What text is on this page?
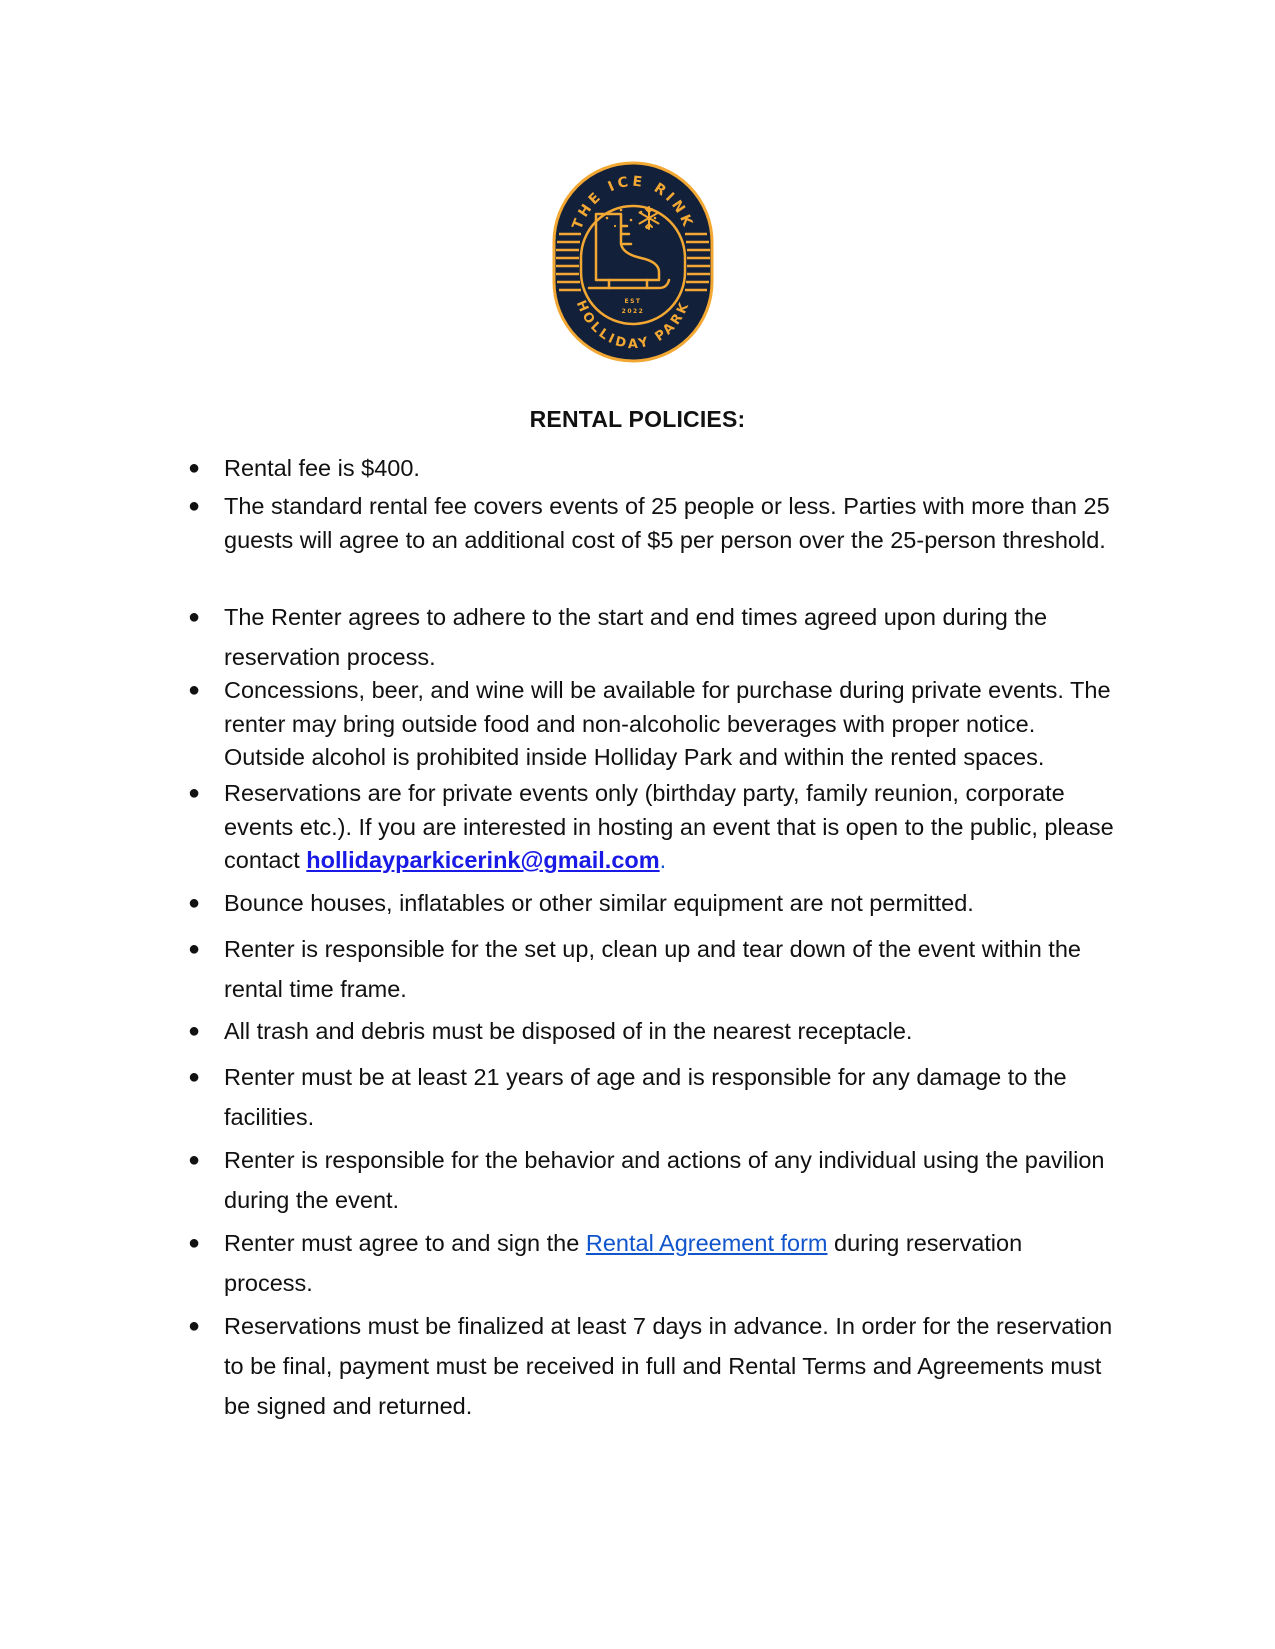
THE ICE RINK
HOLLIDAY PARK
EST
2022
RENTAL POLICIES:
● Rental fee is $400.
● The standard rental fee covers events of 25 people or less. Parties with more than 25 guests will agree to an additional cost of $5 per person over the 25-person threshold.
● The Renter agrees to adhere to the start and end times agreed upon during the reservation process.
● Concessions, beer, and wine will be available for purchase during private events. The renter may bring outside food and non-alcoholic beverages with proper notice. Outside alcohol is prohibited inside Holliday Park and within the rented spaces.
● Reservations are for private events only (birthday party, family reunion, corporate events etc.). If you are interested in hosting an event that is open to the public, please contact hollidayparkicerink@gmail.com.
● Bounce houses, inflatables or other similar equipment are not permitted.
● Renter is responsible for the set up, clean up and tear down of the event within the rental time frame.
● All trash and debris must be disposed of in the nearest receptacle.
● Renter must be at least 21 years of age and is responsible for any damage to the facilities.
● Renter is responsible for the behavior and actions of any individual using the pavilion during the event.
● Renter must agree to and sign the Rental Agreement form during reservation process.
● Reservations must be finalized at least 7 days in advance. In order for the reservation to be final, payment must be received in full and Rental Terms and Agreements must be signed and returned.
